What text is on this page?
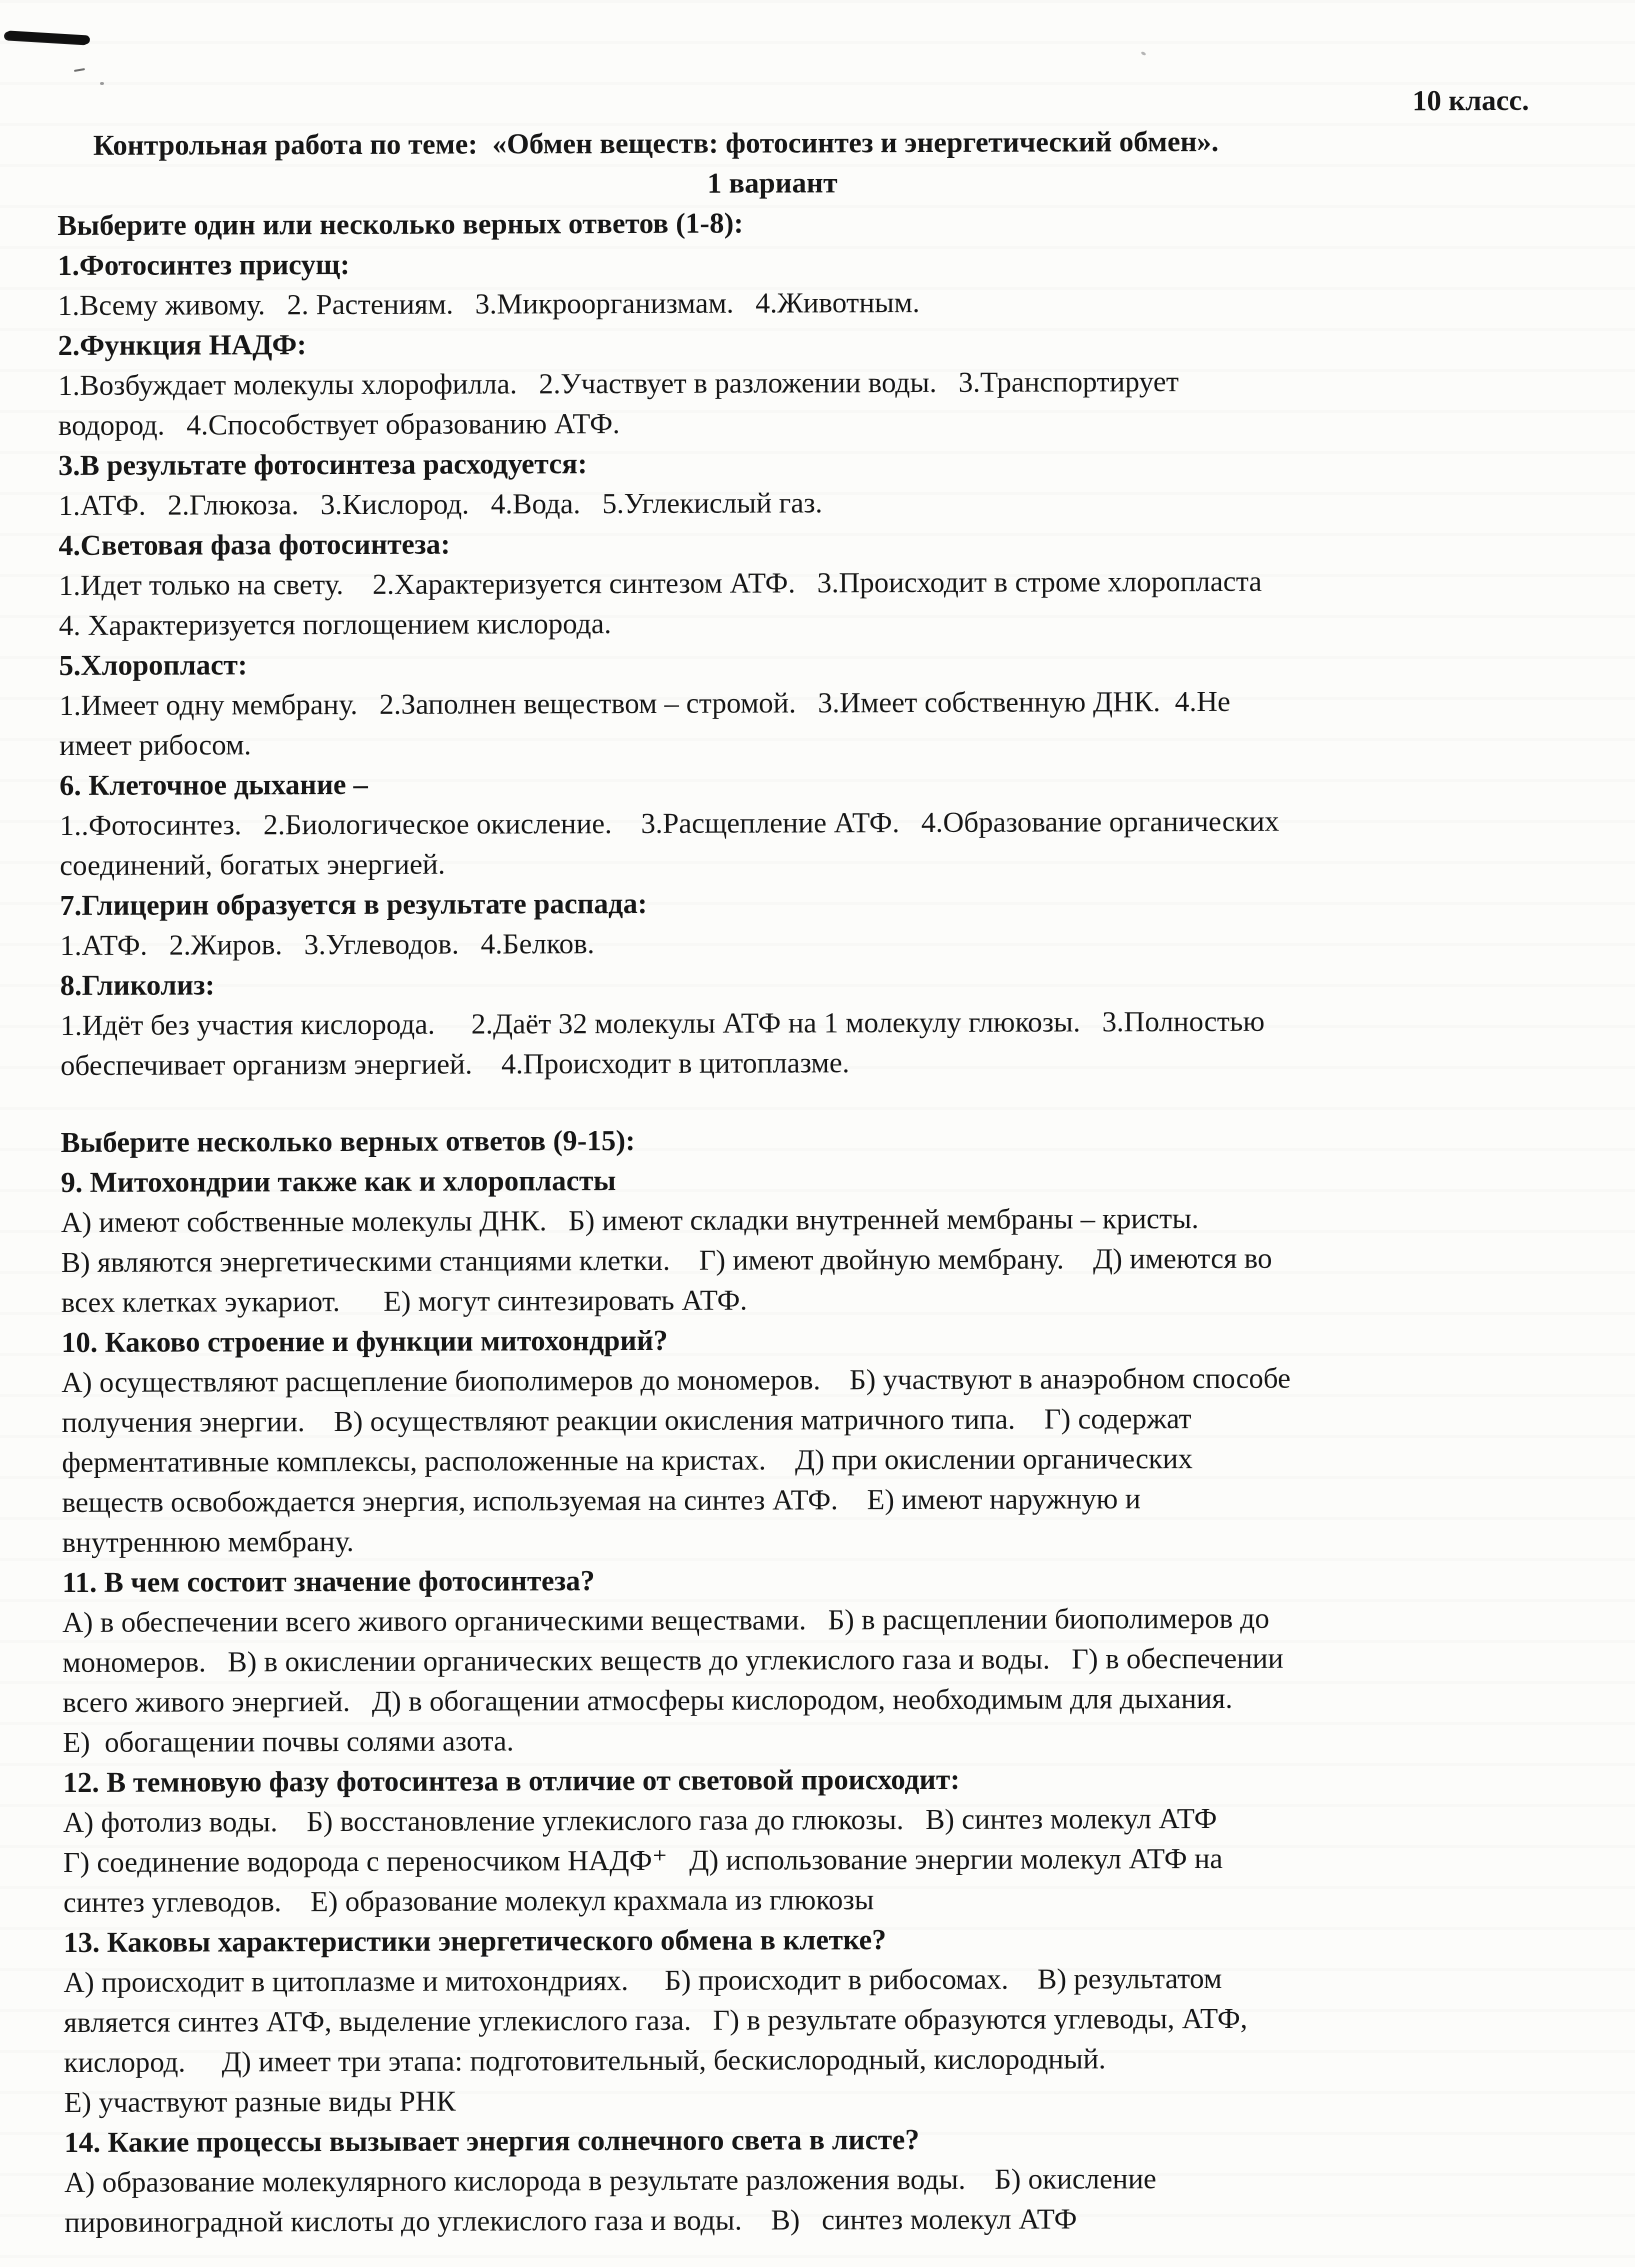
10 класс.

Контрольная работа по теме:  «Обмен веществ: фотосинтез и энергетический обмен».

1 вариант

Выберите один или несколько верных ответов (1-8):

1.Фотосинтез присущ:

1.Всему живому.   2. Растениям.   3.Микроорганизмам.   4.Животным.

2.Функция НАДФ:

1.Возбуждает молекулы хлорофилла.   2.Участвует в разложении воды.   3.Транспортирует
водород.   4.Способствует образованию АТФ.

3.В результате фотосинтеза расходуется:

1.АТФ.   2.Глюкоза.   3.Кислород.   4.Вода.   5.Углекислый газ.

4.Световая фаза фотосинтеза:

1.Идет только на свету.    2.Характеризуется синтезом АТФ.   3.Происходит в строме хлоропласта
4. Характеризуется поглощением кислорода.

5.Хлоропласт:

1.Имеет одну мембрану.   2.Заполнен веществом – стромой.   3.Имеет собственную ДНК.  4.Не
имеет рибосом.

6. Клеточное дыхание –

1..Фотосинтез.   2.Биологическое окисление.    3.Расщепление АТФ.   4.Образование органических
соединений, богатых энергией.

7.Глицерин образуется в результате распада:

1.АТФ.   2.Жиров.   3.Углеводов.   4.Белков.

8.Гликолиз:

1.Идёт без участия кислорода.     2.Даёт 32 молекулы АТФ на 1 молекулу глюкозы.   3.Полностью
обеспечивает организм энергией.    4.Происходит в цитоплазме.

Выберите несколько верных ответов (9-15):

9. Митохондрии также как и хлоропласты

А) имеют собственные молекулы ДНК.   Б) имеют складки внутренней мембраны – кристы.
В) являются энергетическими станциями клетки.    Г) имеют двойную мембрану.    Д) имеются во
всех клетках эукариот.      Е) могут синтезировать АТФ.

10. Каково строение и функции митохондрий?

А) осуществляют расщепление биополимеров до мономеров.    Б) участвуют в анаэробном способе
получения энергии.    В) осуществляют реакции окисления матричного типа.    Г) содержат
ферментативные комплексы, расположенные на кристах.    Д) при окислении органических
веществ освобождается энергия, используемая на синтез АТФ.    Е) имеют наружную и
внутреннюю мембрану.

11. В чем состоит значение фотосинтеза?

А) в обеспечении всего живого органическими веществами.   Б) в расщеплении биополимеров до
мономеров.   В) в окислении органических веществ до углекислого газа и воды.   Г) в обеспечении
всего живого энергией.   Д) в обогащении атмосферы кислородом, необходимым для дыхания.
Е)  обогащении почвы солями азота.

12. В темновую фазу фотосинтеза в отличие от световой происходит:

А) фотолиз воды.    Б) восстановление углекислого газа до глюкозы.   В) синтез молекул АТФ
Г) соединение водорода с переносчиком НАДФ⁺   Д) использование энергии молекул АТФ на
синтез углеводов.    Е) образование молекул крахмала из глюкозы

13. Каковы характеристики энергетического обмена в клетке?

А) происходит в цитоплазме и митохондриях.     Б) происходит в рибосомах.    В) результатом
является синтез АТФ, выделение углекислого газа.   Г) в результате образуются углеводы, АТФ,
кислород.     Д) имеет три этапа: подготовительный, бескислородный, кислородный.
Е) участвуют разные виды РНК

14. Какие процессы вызывает энергия солнечного света в листе?

А) образование молекулярного кислорода в результате разложения воды.    Б) окисление
пировиноградной кислоты до углекислого газа и воды.    В)   синтез молекул АТФ
